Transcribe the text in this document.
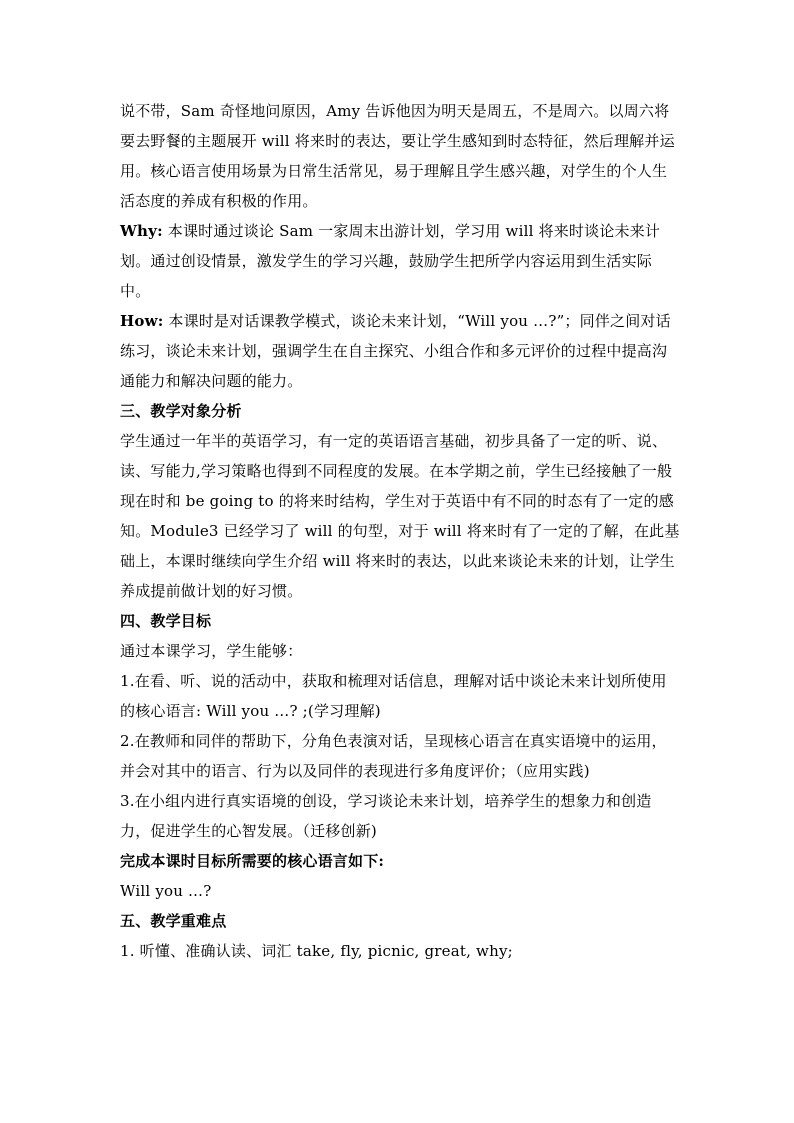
说不带，Sam 奇怪地问原因，Amy 告诉他因为明天是周五，不是周六。以周六将要去野餐的主题展开 will 将来时的表达，要让学生感知到时态特征，然后理解并运用。核心语言使用场景为日常生活常见，易于理解且学生感兴趣，对学生的个人生活态度的养成有积极的作用。

Why: 本课时通过谈论 Sam 一家周末出游计划，学习用 will 将来时谈论未来计划。通过创设情景，激发学生的学习兴趣，鼓励学生把所学内容运用到生活实际中。

How: 本课时是对话课教学模式，谈论未来计划，“Will you …?”；同伴之间对话练习，谈论未来计划，强调学生在自主探究、小组合作和多元评价的过程中提高沟通能力和解决问题的能力。

三、教学对象分析

学生通过一年半的英语学习，有一定的英语语言基础，初步具备了一定的听、说、读、写能力,学习策略也得到不同程度的发展。在本学期之前，学生已经接触了一般现在时和 be going to 的将来时结构，学生对于英语中有不同的时态有了一定的感知。Module3 已经学习了 will 的句型，对于 will 将来时有了一定的了解，在此基础上，本课时继续向学生介绍 will 将来时的表达，以此来谈论未来的计划，让学生养成提前做计划的好习惯。

四、教学目标

通过本课学习，学生能够：

1.在看、听、说的活动中，获取和梳理对话信息，理解对话中谈论未来计划所使用的核心语言: Will you …? ;(学习理解)

2.在教师和同伴的帮助下，分角色表演对话，呈现核心语言在真实语境中的运用，并会对其中的语言、行为以及同伴的表现进行多角度评价；（应用实践)

3.在小组内进行真实语境的创设，学习谈论未来计划，培养学生的想象力和创造力，促进学生的心智发展。（迁移创新)

完成本课时目标所需要的核心语言如下:

Will you …?

五、教学重难点

1. 听懂、准确认读、词汇 take, fly, picnic, great, why;
